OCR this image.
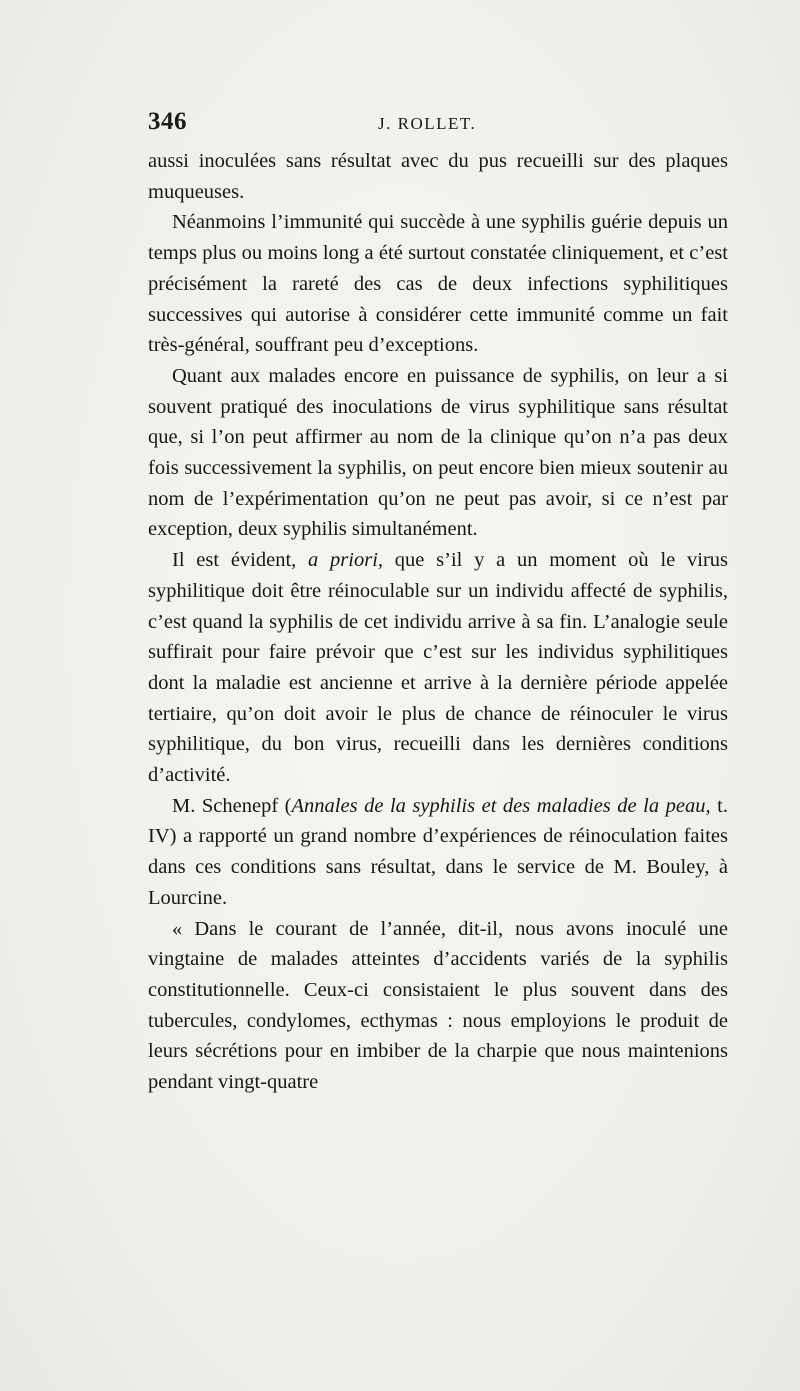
346	J. ROLLET.

aussi inoculées sans résultat avec du pus recueilli sur des plaques muqueuses.

Néanmoins l’immunité qui succède à une syphilis guérie depuis un temps plus ou moins long a été surtout constatée cliniquement, et c’est précisément la rareté des cas de deux infections syphilitiques successives qui autorise à considérer cette immunité comme un fait très-général, souffrant peu d’exceptions.

Quant aux malades encore en puissance de syphilis, on leur a si souvent pratiqué des inoculations de virus syphilitique sans résultat que, si l’on peut affirmer au nom de la clinique qu’on n’a pas deux fois successivement la syphilis, on peut encore bien mieux soutenir au nom de l’expérimentation qu’on ne peut pas avoir, si ce n’est par exception, deux syphilis simultanément.

Il est évident, a priori, que s’il y a un moment où le virus syphilitique doit être réinoculable sur un individu affecté de syphilis, c’est quand la syphilis de cet individu arrive à sa fin. L’analogie seule suffirait pour faire prévoir que c’est sur les individus syphilitiques dont la maladie est ancienne et arrive à la dernière période appelée tertiaire, qu’on doit avoir le plus de chance de réinoculer le virus syphilitique, du bon virus, recueilli dans les dernières conditions d’activité.

M. Schenepf (Annales de la syphilis et des maladies de la peau, t. IV) a rapporté un grand nombre d’expériences de réinoculation faites dans ces conditions sans résultat, dans le service de M. Bouley, à Lourcine.

« Dans le courant de l’année, dit-il, nous avons inoculé une vingtaine de malades atteintes d’accidents variés de la syphilis constitutionnelle. Ceux-ci consistaient le plus souvent dans des tubercules, condylomes, ecthymas : nous employions le produit de leurs sécrétions pour en imbiber de la charpie que nous maintenions pendant vingt-quatre
